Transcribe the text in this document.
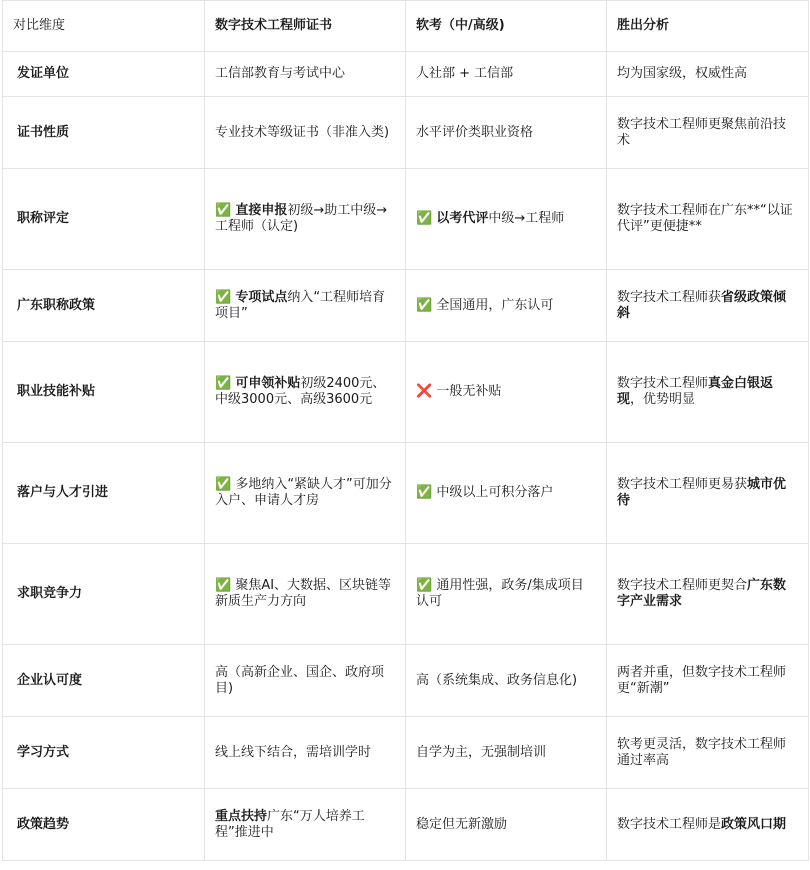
对比维度	数字技术工程师证书	软考（中/高级)	胜出分析
发证单位	工信部教育与考试中心	人社部 + 工信部	均为国家级，权威性高
证书性质	专业技术等级证书（非准入类)	水平评价类职业资格	数字技术工程师更聚焦前沿技术
职称评定	✅ 直接申报初级→助工中级→工程师（认定)	✅ 以考代评中级→工程师	数字技术工程师在广东**“以证代评”更便捷**
广东职称政策	✅ 专项试点纳入“工程师培育项目”	✅ 全国通用，广东认可	数字技术工程师获省级政策倾斜
职业技能补贴	✅ 可申领补贴初级2400元、中级3000元、高级3600元	❌ 一般无补贴	数字技术工程师真金白银返现，优势明显
落户与人才引进	✅ 多地纳入“紧缺人才”可加分入户、申请人才房	✅ 中级以上可积分落户	数字技术工程师更易获城市优待
求职竞争力	✅ 聚焦AI、大数据、区块链等新质生产力方向	✅ 通用性强，政务/集成项目认可	数字技术工程师更契合广东数字产业需求
企业认可度	高（高新企业、国企、政府项目)	高（系统集成、政务信息化)	两者并重，但数字技术工程师更“新潮”
学习方式	线上线下结合，需培训学时	自学为主，无强制培训	软考更灵活，数字技术工程师通过率高
政策趋势	重点扶持广东“万人培养工程”推进中	稳定但无新激励	数字技术工程师是政策风口期
